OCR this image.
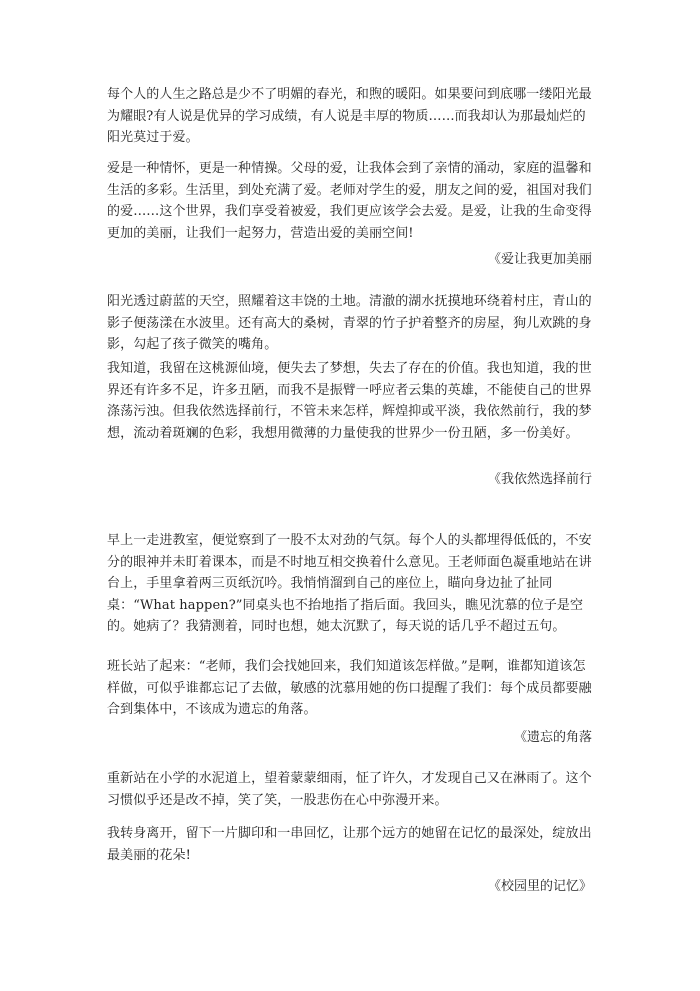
每个人的人生之路总是少不了明媚的春光，和煦的暖阳。如果要问到底哪一缕阳光最为耀眼?有人说是优异的学习成绩，有人说是丰厚的物质……而我却认为那最灿烂的阳光莫过于爱。

爱是一种情怀，更是一种情操。父母的爱，让我体会到了亲情的涌动，家庭的温馨和生活的多彩。生活里，到处充满了爱。老师对学生的爱，朋友之间的爱，祖国对我们的爱……这个世界，我们享受着被爱，我们更应该学会去爱。是爱，让我的生命变得更加的美丽，让我们一起努力，营造出爱的美丽空间!

《爱让我更加美丽

阳光透过蔚蓝的天空，照耀着这丰饶的土地。清澈的湖水抚摸地环绕着村庄，青山的影子便荡漾在水波里。还有高大的桑树，青翠的竹子护着整齐的房屋，狗儿欢跳的身影，勾起了孩子微笑的嘴角。

我知道，我留在这桃源仙境，便失去了梦想，失去了存在的价值。我也知道，我的世界还有许多不足，许多丑陋，而我不是振臂一呼应者云集的英雄，不能使自己的世界涤荡污浊。但我依然选择前行，不管未来怎样，辉煌抑或平淡，我依然前行，我的梦想，流动着斑斓的色彩，我想用微薄的力量使我的世界少一份丑陋，多一份美好。

《我依然选择前行

早上一走进教室，便觉察到了一股不太对劲的气氛。每个人的头都埋得低低的，不安分的眼神并未盯着课本，而是不时地互相交换着什么意见。王老师面色凝重地站在讲台上，手里拿着两三页纸沉吟。我悄悄溜到自己的座位上，瞄向身边扯了扯同桌：“What happen?”同桌头也不抬地指了指后面。我回头，瞧见沈慕的位子是空的。她病了？我猜测着，同时也想，她太沉默了，每天说的话几乎不超过五句。

班长站了起来：“老师，我们会找她回来，我们知道该怎样做。”是啊，谁都知道该怎样做，可似乎谁都忘记了去做，敏感的沈慕用她的伤口提醒了我们：每个成员都要融合到集体中，不该成为遗忘的角落。

《遗忘的角落

重新站在小学的水泥道上，望着蒙蒙细雨，怔了许久，才发现自己又在淋雨了。这个习惯似乎还是改不掉，笑了笑，一股悲伤在心中弥漫开来。

我转身离开，留下一片脚印和一串回忆，让那个远方的她留在记忆的最深处，绽放出最美丽的花朵!

《校园里的记忆》
